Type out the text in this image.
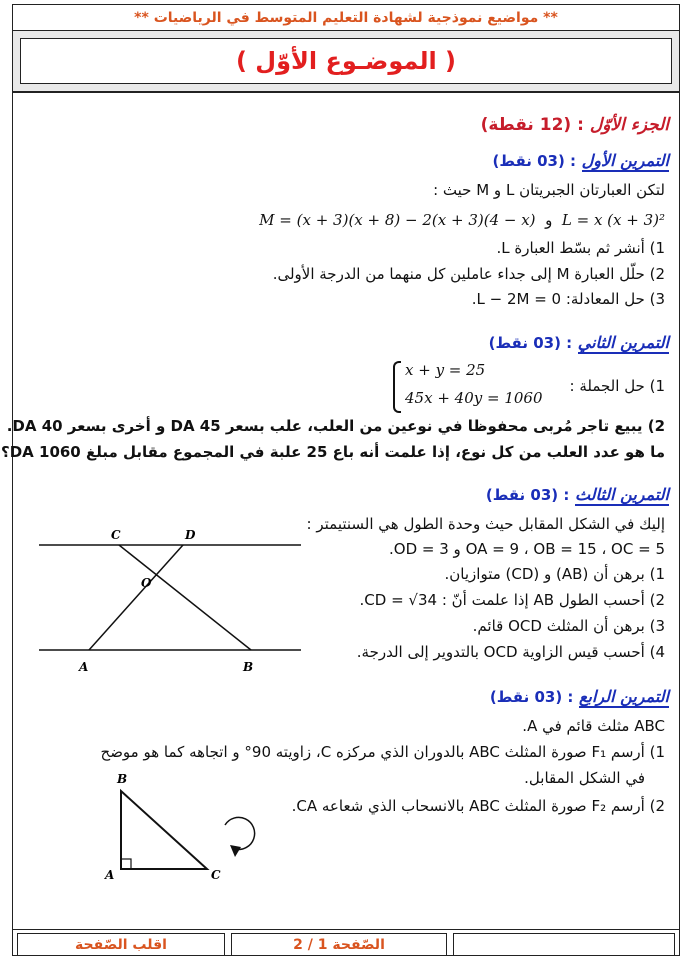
** مواضيع نموذجية لشهادة التعليم المتوسط في الرياضيات **
( الموضـوع الأوّل )
الجزء الأوّل : (12 نقطة)
التمرين الأول : (03 نقط)
لتكن العبارتان الجبريتان L و M حيث :
L = x (x + 3)²  و  M = (x + 3)(x + 8) − 2(x + 3)(4 − x)
1) أنشر ثم بسّط العبارة L.
2) حلّل العبارة M إلى جداء عاملين كل منهما من الدرجة الأولى.
3) حل المعادلة: L − 2M = 0.
التمرين الثاني : (03 نقط)
1) حل الجملة :
x + y = 25
45x + 40y = 1060
2) يبيع تاجر مُربى محفوظا في نوعين من العلب، علب بسعر 45 DA و أخرى بسعر DA 40.
ما هو عدد العلب من كل نوع، إذا علمت أنه باع 25 علبة في المجموع مقابل مبلغ DA 1060؟
التمرين الثالث : (03 نقط)
إليك في الشكل المقابل حيث وحدة الطول هي السنتيمتر :
OA = 9 ، OB = 15 ، OC = 5 و OD = 3.
1) برهن أن (AB) و (CD) متوازيان.
2) أحسب الطول AB إذا علمت أنّ : CD = √34.
3) برهن أن المثلث OCD قائم.
4) أحسب قيس الزاوية OCD بالتدوير إلى الدرجة.
C	D
O
A	B
التمرين الرابع : (03 نقط)
ABC مثلث قائم في A.
1) أرسم F₁ صورة المثلث ABC بالدوران الذي مركزه C، زاويته 90° و اتجاهه كما هو موضح
في الشكل المقابل.
2) أرسم F₂ صورة المثلث ABC بالانسحاب الذي شعاعه CA.
B
A	C
اقلب الصّفحة	الصّفحة 1 / 2
